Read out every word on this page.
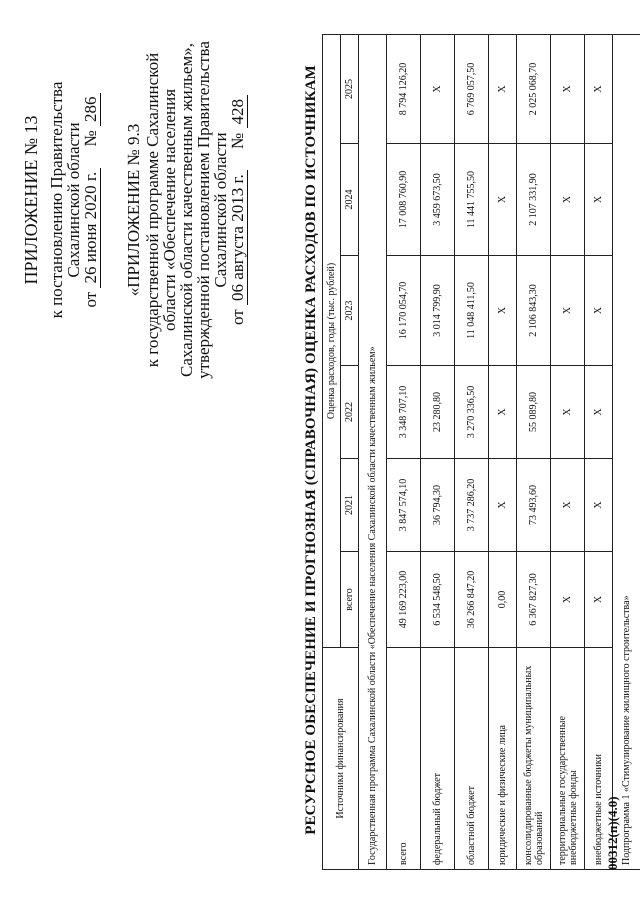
ПРИЛОЖЕНИЕ № 13 к постановлению Правительства
Сахалинской области
от 26 июня 2020 г.     № 286
«ПРИЛОЖЕНИЕ № 9.3 к государственной программе Сахалинской
области «Обеспечение населения
Сахалинской области качественным жильем»,
утвержденной постановлением Правительства
Сахалинской области
от 06 августа 2013 г.     № 428	РЕСУРСНОЕ ОБЕСПЕЧЕНИЕ И ПРОГНОЗНАЯ (СПРАВОЧНАЯ) ОЦЕНКА РАСХОДОВ ПО ИСТОЧНИКАМ Источники финансирования	Оценка расходов, годы (тыс. рублей)					
	всего	2021	2022	2023	2024	2025
Государственная программа Сахалинской области «Обеспечение населения Сахалинской области качественным жильем»						
всего	49 169 223,00	3 847 574,10	3 348 707,10	16 170 054,70	17 008 760,90	8 794 126,20
федеральный бюджет	6 534 548,50	36 794,30	23 280,80	3 014 799,90	3 459 673,50	X
областной бюджет	36 266 847,20	3 737 286,20	3 270 336,50	11 048 411,50	11 441 755,50	6 769 057,50
юридические и физические лица	0,00	X	X	X	X	X
консолидированные бюджеты муниципальных образований	6 367 827,30	73 493,60	55 089,80	2 106 843,30	2 107 331,90	2 025 068,70
территориальные государственные внебюджетные фонды	X	X	X	X	X	X
внебюджетные источники	X	X	X	X	X	X
Подпрограмма 1 «Стимулирование жилищного строительства»						
00312(п)(4.0)
